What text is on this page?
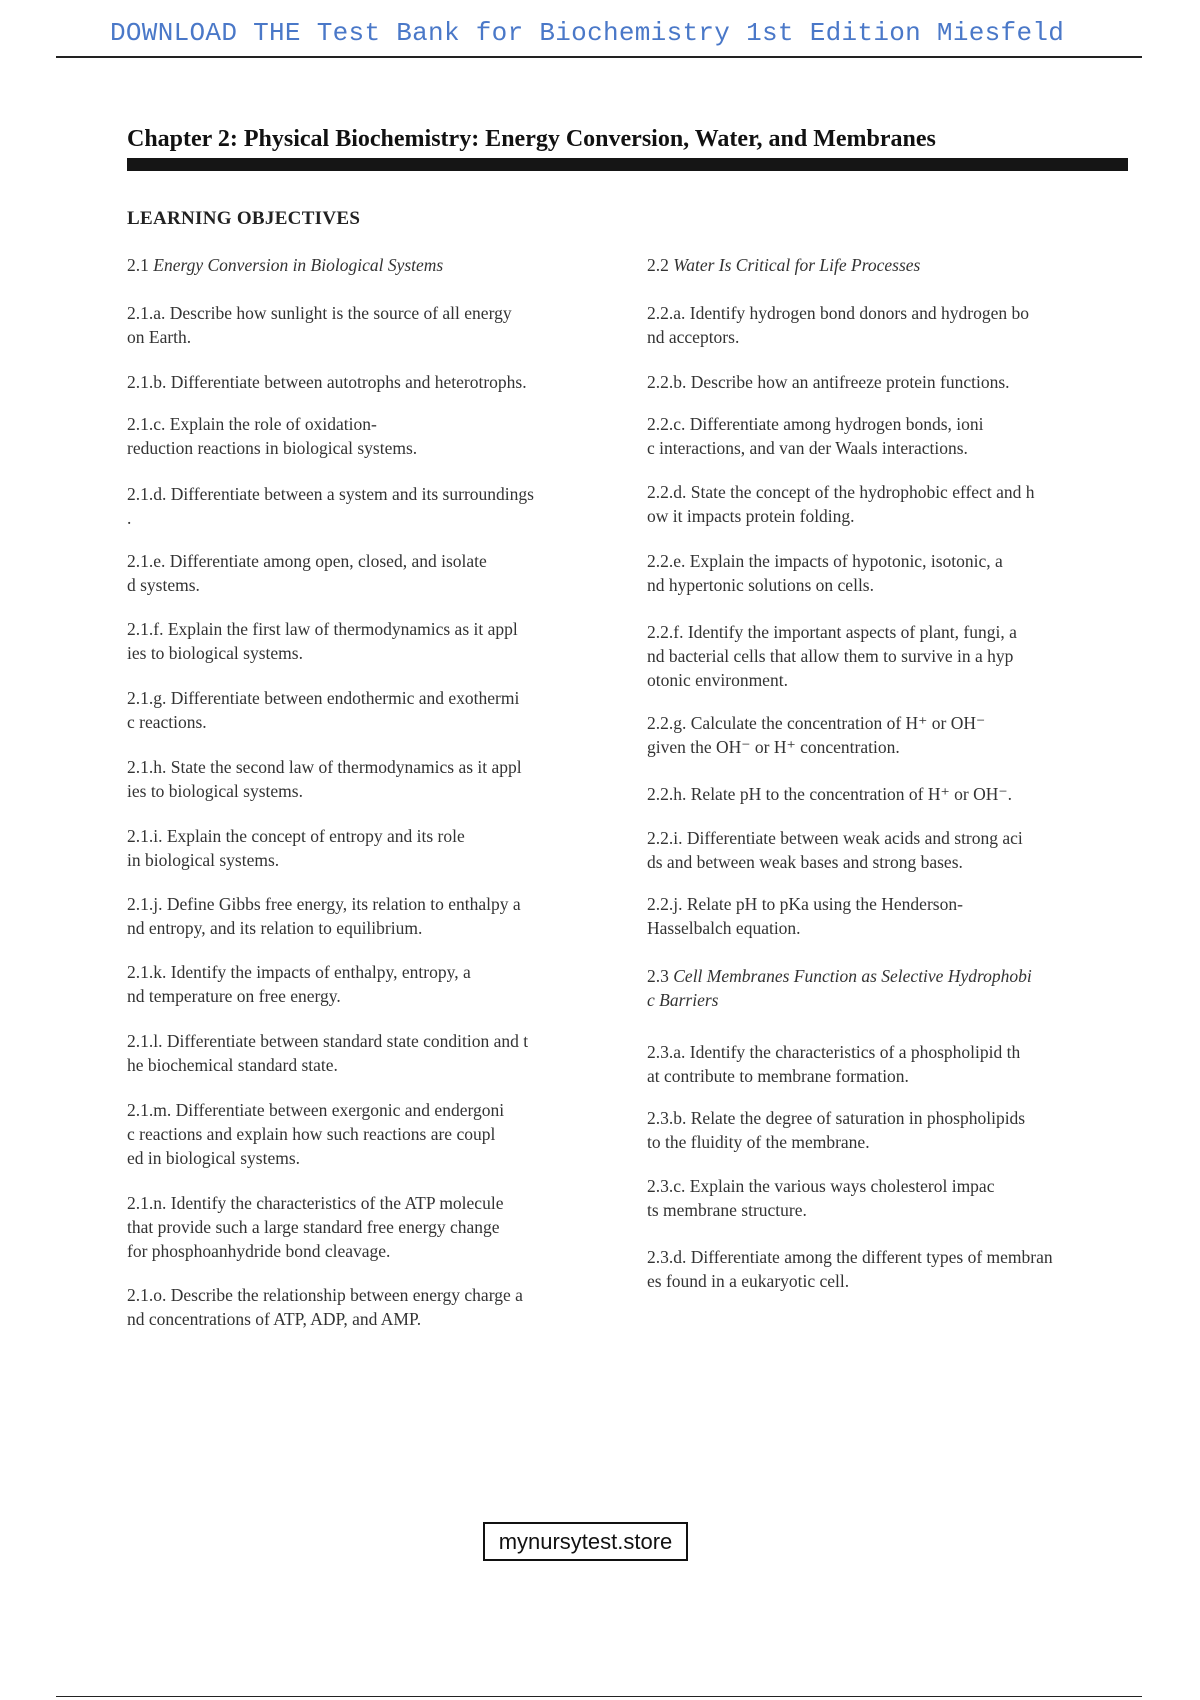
DOWNLOAD THE Test Bank for Biochemistry 1st Edition Miesfeld
Chapter 2: Physical Biochemistry: Energy Conversion, Water, and Membranes
LEARNING OBJECTIVES
2.1 Energy Conversion in Biological Systems
2.1.a. Describe how sunlight is the source of all energy
on Earth.
2.1.b. Differentiate between autotrophs and heterotrophs.
2.1.c. Explain the role of oxidation-
reduction reactions in biological systems.
2.1.d. Differentiate between a system and its surroundings
.
2.1.e. Differentiate among open, closed, and isolate
d systems.
2.1.f. Explain the first law of thermodynamics as it appl
ies to biological systems.
2.1.g. Differentiate between endothermic and exothermi
c reactions.
2.1.h. State the second law of thermodynamics as it appl
ies to biological systems.
2.1.i. Explain the concept of entropy and its role
in biological systems.
2.1.j. Define Gibbs free energy, its relation to enthalpy a
nd entropy, and its relation to equilibrium.
2.1.k. Identify the impacts of enthalpy, entropy, a
nd temperature on free energy.
2.1.l. Differentiate between standard state condition and t
he biochemical standard state.
2.1.m. Differentiate between exergonic and endergoni
c reactions and explain how such reactions are coupl
ed in biological systems.
2.1.n. Identify the characteristics of the ATP molecule
that provide such a large standard free energy change
for phosphoanhydride bond cleavage.
2.1.o. Describe the relationship between energy charge a
nd concentrations of ATP, ADP, and AMP.
2.2 Water Is Critical for Life Processes
2.2.a. Identify hydrogen bond donors and hydrogen bo
nd acceptors.
2.2.b. Describe how an antifreeze protein functions.
2.2.c. Differentiate among hydrogen bonds, ioni
c interactions, and van der Waals interactions.
2.2.d. State the concept of the hydrophobic effect and h
ow it impacts protein folding.
2.2.e. Explain the impacts of hypotonic, isotonic, a
nd hypertonic solutions on cells.
2.2.f. Identify the important aspects of plant, fungi, a
nd bacterial cells that allow them to survive in a hyp
otonic environment.
2.2.g. Calculate the concentration of H⁺ or OH⁻
given the OH⁻ or H⁺ concentration.
2.2.h. Relate pH to the concentration of H⁺ or OH⁻.
2.2.i. Differentiate between weak acids and strong aci
ds and between weak bases and strong bases.
2.2.j. Relate pH to pKa using the Henderson-
Hasselbalch equation.
2.3 Cell Membranes Function as Selective Hydrophobi
c Barriers
2.3.a. Identify the characteristics of a phospholipid th
at contribute to membrane formation.
2.3.b. Relate the degree of saturation in phospholipids
to the fluidity of the membrane.
2.3.c. Explain the various ways cholesterol impac
ts membrane structure.
2.3.d. Differentiate among the different types of membran
es found in a eukaryotic cell.
mynursytest.store
